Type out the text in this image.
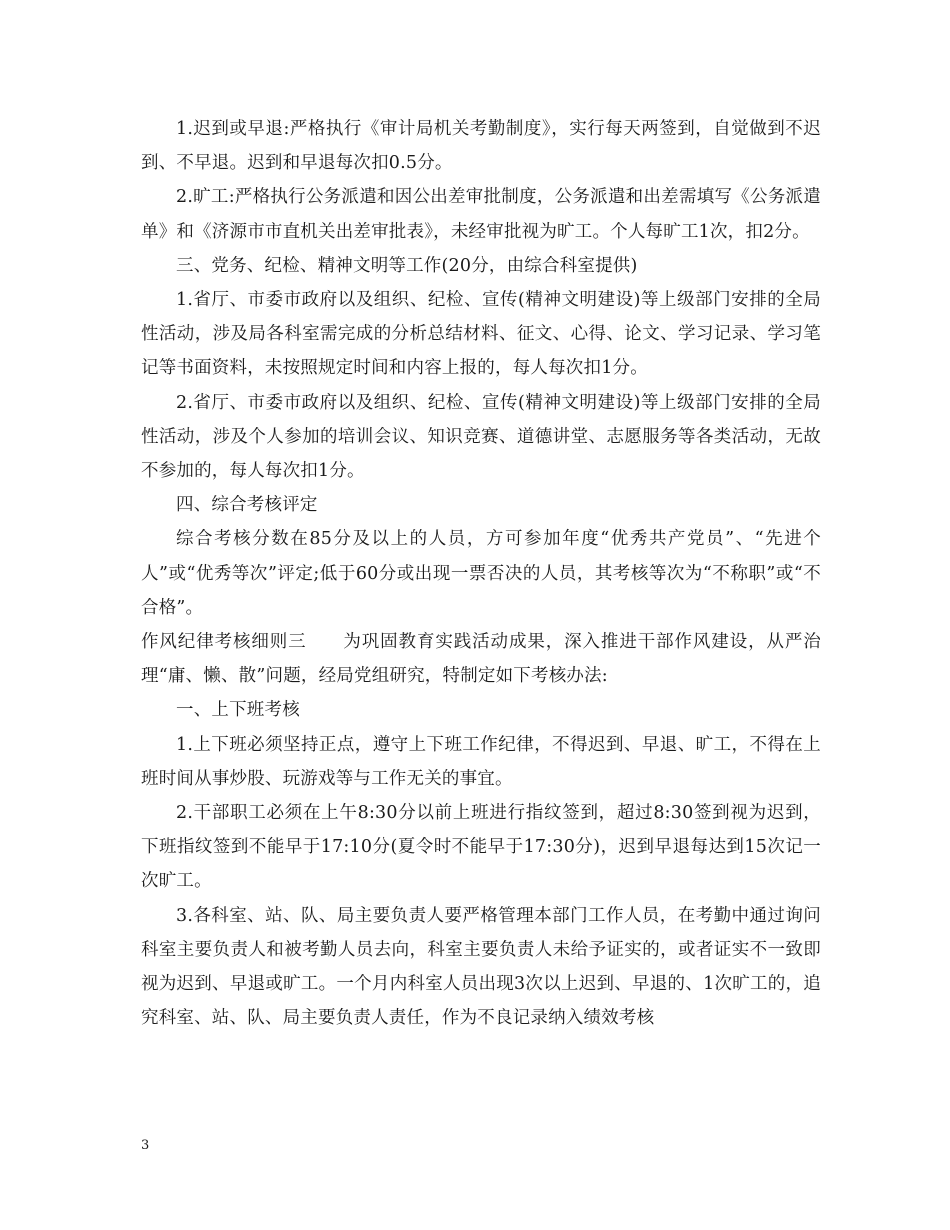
1.迟到或早退:严格执行《审计局机关考勤制度》，实行每天两签到，自觉做到不迟到、不早退。迟到和早退每次扣0.5分。

2.旷工:严格执行公务派遣和因公出差审批制度，公务派遣和出差需填写《公务派遣单》和《济源市市直机关出差审批表》，未经审批视为旷工。个人每旷工1次，扣2分。

三、党务、纪检、精神文明等工作(20分，由综合科室提供)

1.省厅、市委市政府以及组织、纪检、宣传(精神文明建设)等上级部门安排的全局性活动，涉及局各科室需完成的分析总结材料、征文、心得、论文、学习记录、学习笔记等书面资料，未按照规定时间和内容上报的，每人每次扣1分。

2.省厅、市委市政府以及组织、纪检、宣传(精神文明建设)等上级部门安排的全局性活动，涉及个人参加的培训会议、知识竞赛、道德讲堂、志愿服务等各类活动，无故不参加的，每人每次扣1分。

四、综合考核评定

综合考核分数在85分及以上的人员，方可参加年度“优秀共产党员”、“先进个人”或“优秀等次”评定;低于60分或出现一票否决的人员，其考核等次为“不称职”或“不合格”。

作风纪律考核细则三　　为巩固教育实践活动成果，深入推进干部作风建设，从严治理“庸、懒、散”问题，经局党组研究，特制定如下考核办法:

一、上下班考核

1.上下班必须坚持正点，遵守上下班工作纪律，不得迟到、早退、旷工，不得在上班时间从事炒股、玩游戏等与工作无关的事宜。

2.干部职工必须在上午8:30分以前上班进行指纹签到，超过8:30签到视为迟到，下班指纹签到不能早于17:10分(夏令时不能早于17:30分)，迟到早退每达到15次记一次旷工。

3.各科室、站、队、局主要负责人要严格管理本部门工作人员，在考勤中通过询问科室主要负责人和被考勤人员去向，科室主要负责人未给予证实的，或者证实不一致即视为迟到、早退或旷工。一个月内科室人员出现3次以上迟到、早退的、1次旷工的，追究科室、站、队、局主要负责人责任，作为不良记录纳入绩效考核

3
